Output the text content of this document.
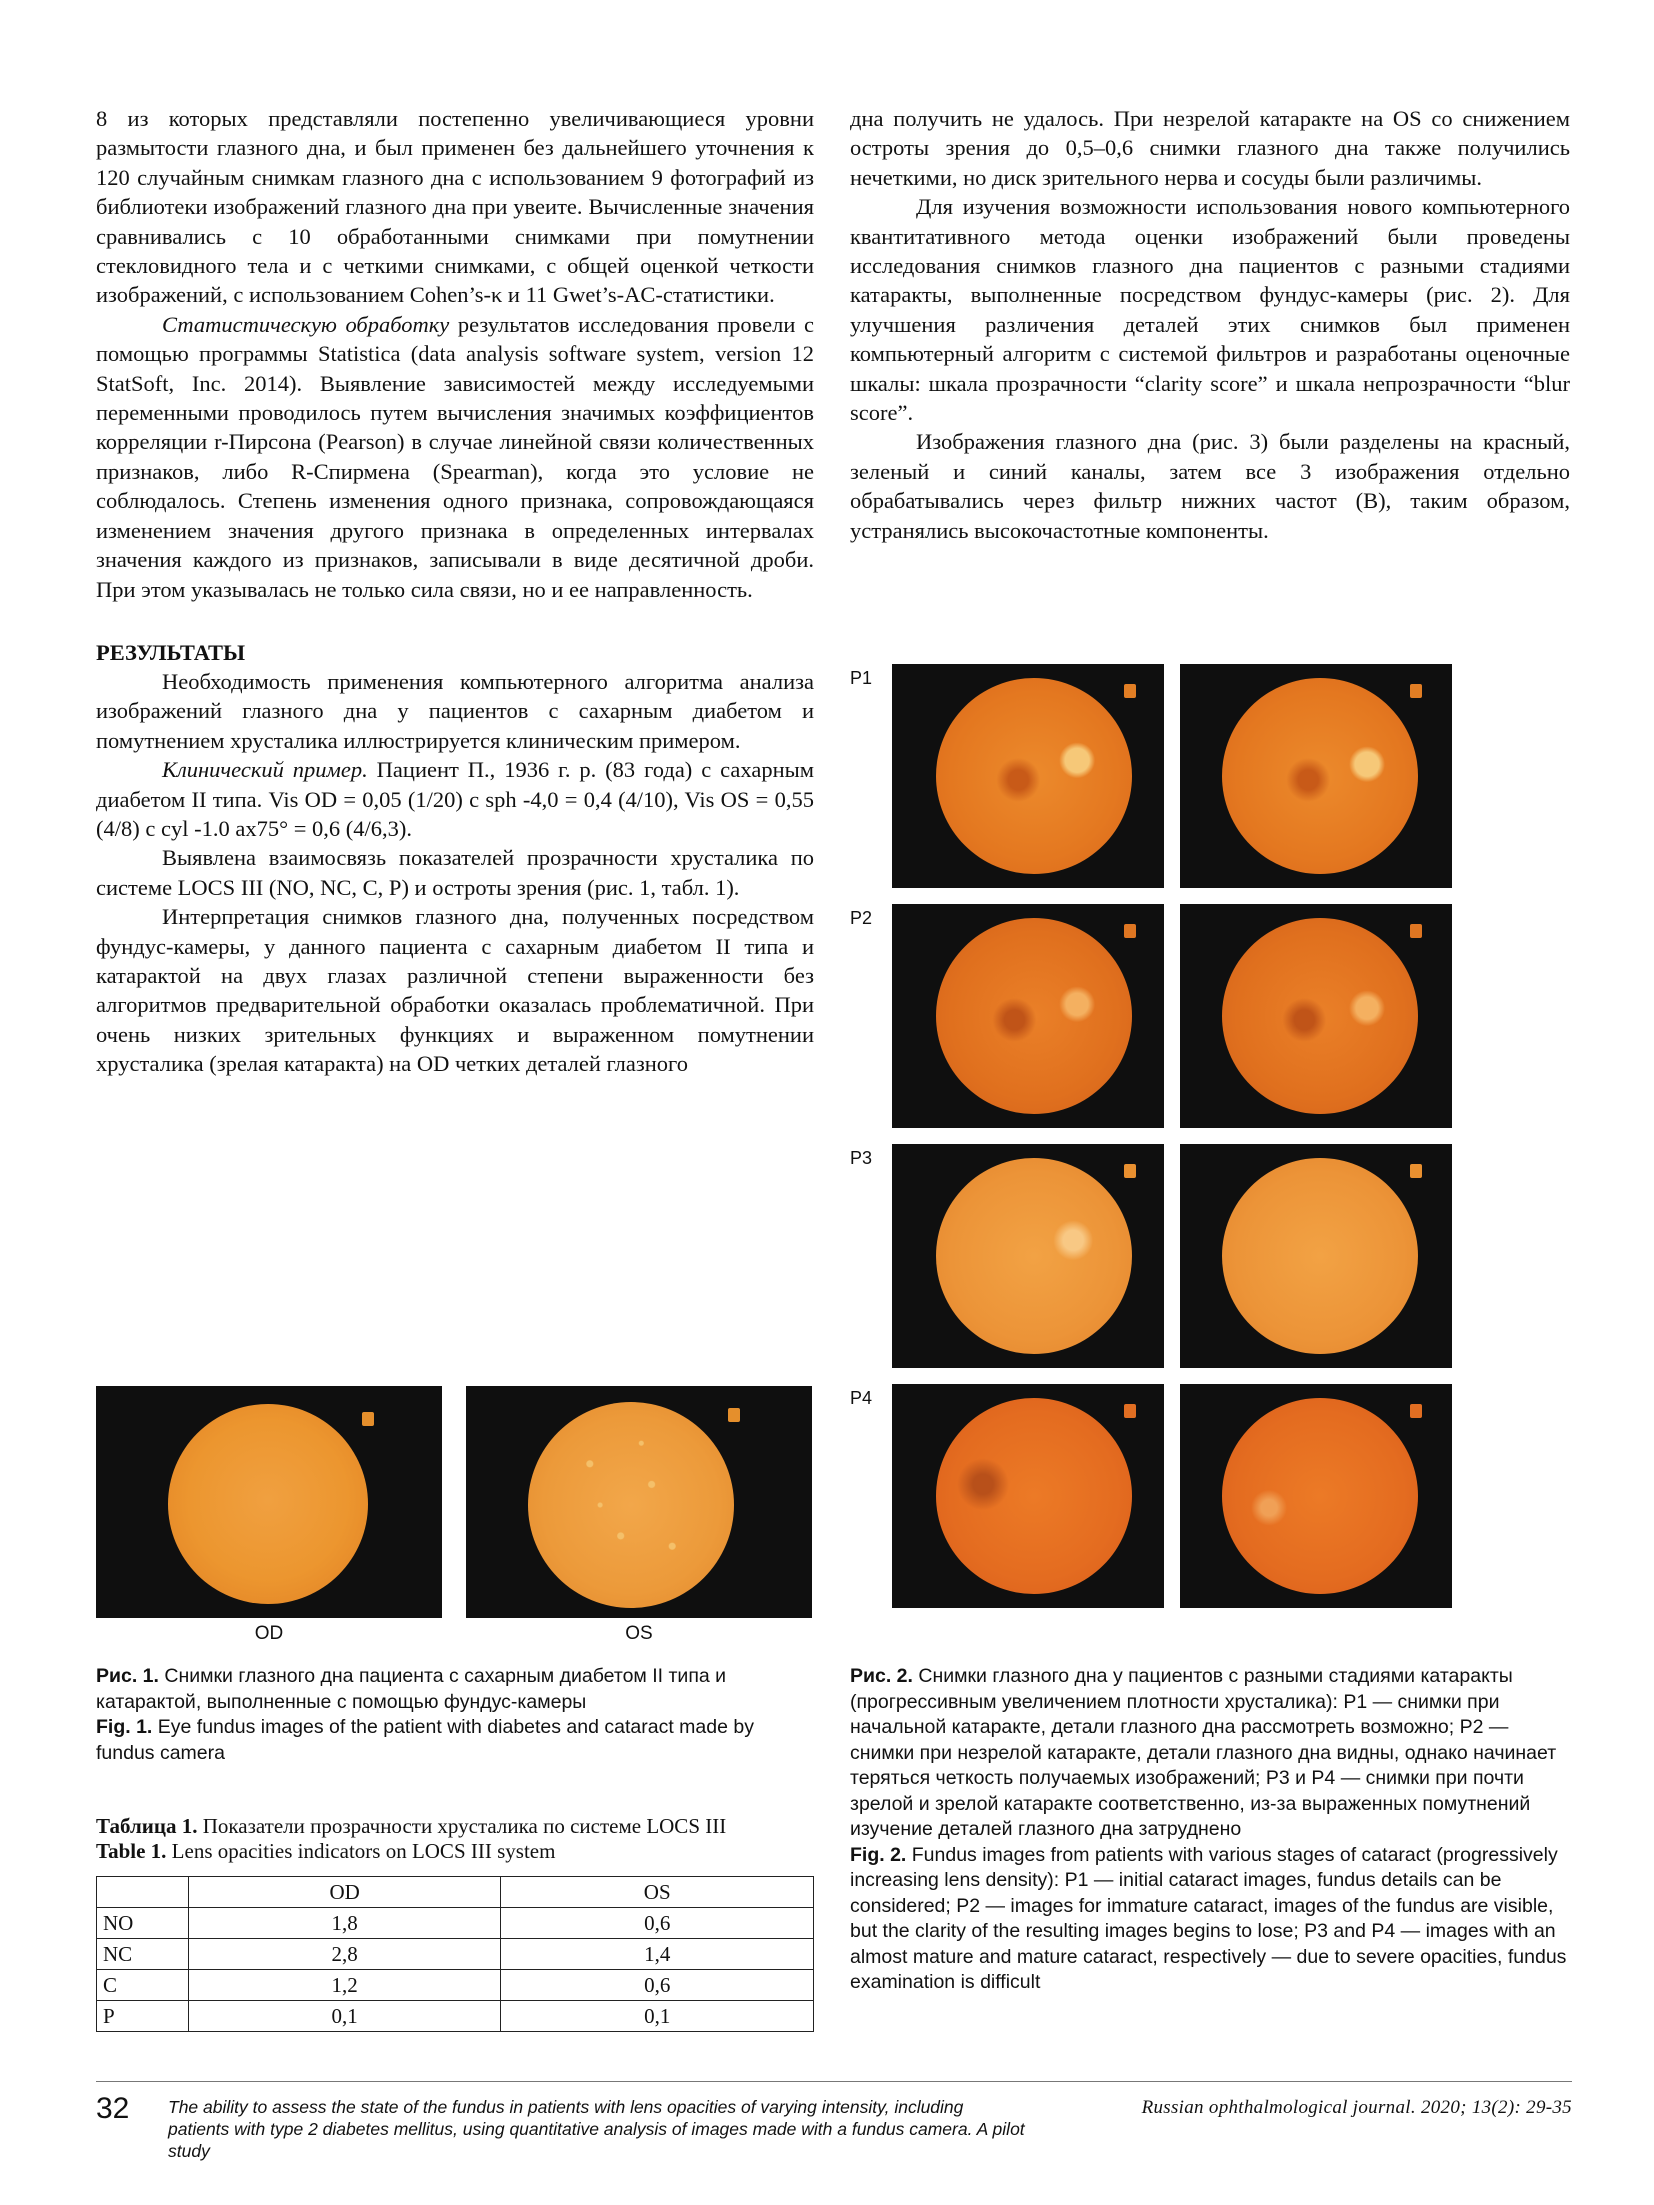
8 из которых представляли постепенно увеличивающиеся уровни размытости глазного дна, и был применен без дальнейшего уточнения к 120 случайным снимкам глазного дна с использованием 9 фотографий из библиотеки изображений глазного дна при увеите. Вычисленные значения сравнивались с 10 обработанными снимками при помутнении стекловидного тела и с четкими снимками, с общей оценкой четкости изображений, с использованием Cohen’s-κ и 11 Gwet’s-AC-статистики.

Статистическую обработку результатов исследования провели с помощью программы Statistica (data analysis software system, version 12 StatSoft, Inc. 2014). Выявление зависимостей между исследуемыми переменными проводилось путем вычисления значимых коэффициентов корреляции r-Пирсона (Pearson) в случае линейной связи количественных признаков, либо R-Спирмена (Spearman), когда это условие не соблюдалось. Степень изменения одного признака, сопровождающаяся изменением значения другого признака в определенных интервалах значения каждого из признаков, записывали в виде десятичной дроби. При этом указывалась не только сила связи, но и ее направленность.

РЕЗУЛЬТАТЫ

Необходимость применения компьютерного алгоритма анализа изображений глазного дна у пациентов с сахарным диабетом и помутнением хрусталика иллюстрируется клиническим примером.

Клинический пример. Пациент П., 1936 г. р. (83 года) с сахарным диабетом II типа. Vis OD = 0,05 (1/20) с sph -4,0 = 0,4 (4/10), Vis OS = 0,55 (4/8) с cyl -1.0 ax75° = 0,6 (4/6,3).

Выявлена взаимосвязь показателей прозрачности хрусталика по системе LOCS III (NO, NC, C, P) и остроты зрения (рис. 1, табл. 1).

Интерпретация снимков глазного дна, полученных посредством фундус-камеры, у данного пациента с сахарным диабетом II типа и катарактой на двух глазах различной степени выраженности без алгоритмов предварительной обработки оказалась проблематичной. При очень низких зрительных функциях и выраженном помутнении хрусталика (зрелая катаракта) на OD четких деталей глазного

дна получить не удалось. При незрелой катаракте на OS со снижением остроты зрения до 0,5–0,6 снимки глазного дна также получились нечеткими, но диск зрительного нерва и сосуды были различимы.

Для изучения возможности использования нового компьютерного квантитативного метода оценки изображений были проведены исследования снимков глазного дна пациентов с разными стадиями катаракты, выполненные посредством фундус-камеры (рис. 2). Для улучшения различения деталей этих снимков был применен компьютерный алгоритм с системой фильтров и разработаны оценочные шкалы: шкала прозрачности “clarity score” и шкала непрозрачности “blur score”.

Изображения глазного дна (рис. 3) были разделены на красный, зеленый и синий каналы, затем все 3 изображения отдельно обрабатывались через фильтр нижних частот (B), таким образом, устранялись высокочастотные компоненты.

OD	OS
Рис. 1. Снимки глазного дна пациента с сахарным диабетом II типа и катарактой, выполненные с помощью фундус-камеры
Fig. 1. Eye fundus images of the patient with diabetes and cataract made by fundus camera
Таблица 1. Показатели прозрачности хрусталика по системе LOCS III
Table 1. Lens opacities indicators on LOCS III system
	OD	OS
NO	1,8	0,6
NC	2,8	1,4
C	1,2	0,6
P	0,1	0,1
P1
P2
P3
P4
Рис. 2. Снимки глазного дна у пациентов с разными стадиями катаракты (прогрессивным увеличением плотности хрусталика): P1 — снимки при начальной катаракте, детали глазного дна рассмотреть возможно; P2 — снимки при незрелой катаракте, детали глазного дна видны, однако начинает теряться четкость получаемых изображений; P3 и P4 — снимки при почти зрелой и зрелой катаракте соответственно, из-за выраженных помутнений изучение деталей глазного дна затруднено
Fig. 2. Fundus images from patients with various stages of cataract (progressively increasing lens density): P1 — initial cataract images, fundus details can be considered; P2 — images for immature cataract, images of the fundus are visible, but the clarity of the resulting images begins to lose; P3 and P4 — images with an almost mature and mature cataract, respectively — due to severe opacities, fundus examination is difficult
32 The ability to assess the state of the fundus in patients with lens opacities of varying intensity, including patients with type 2 diabetes mellitus, using quantitative analysis of images made with a fundus camera. A pilot study
Russian ophthalmological journal. 2020; 13(2): 29-35
